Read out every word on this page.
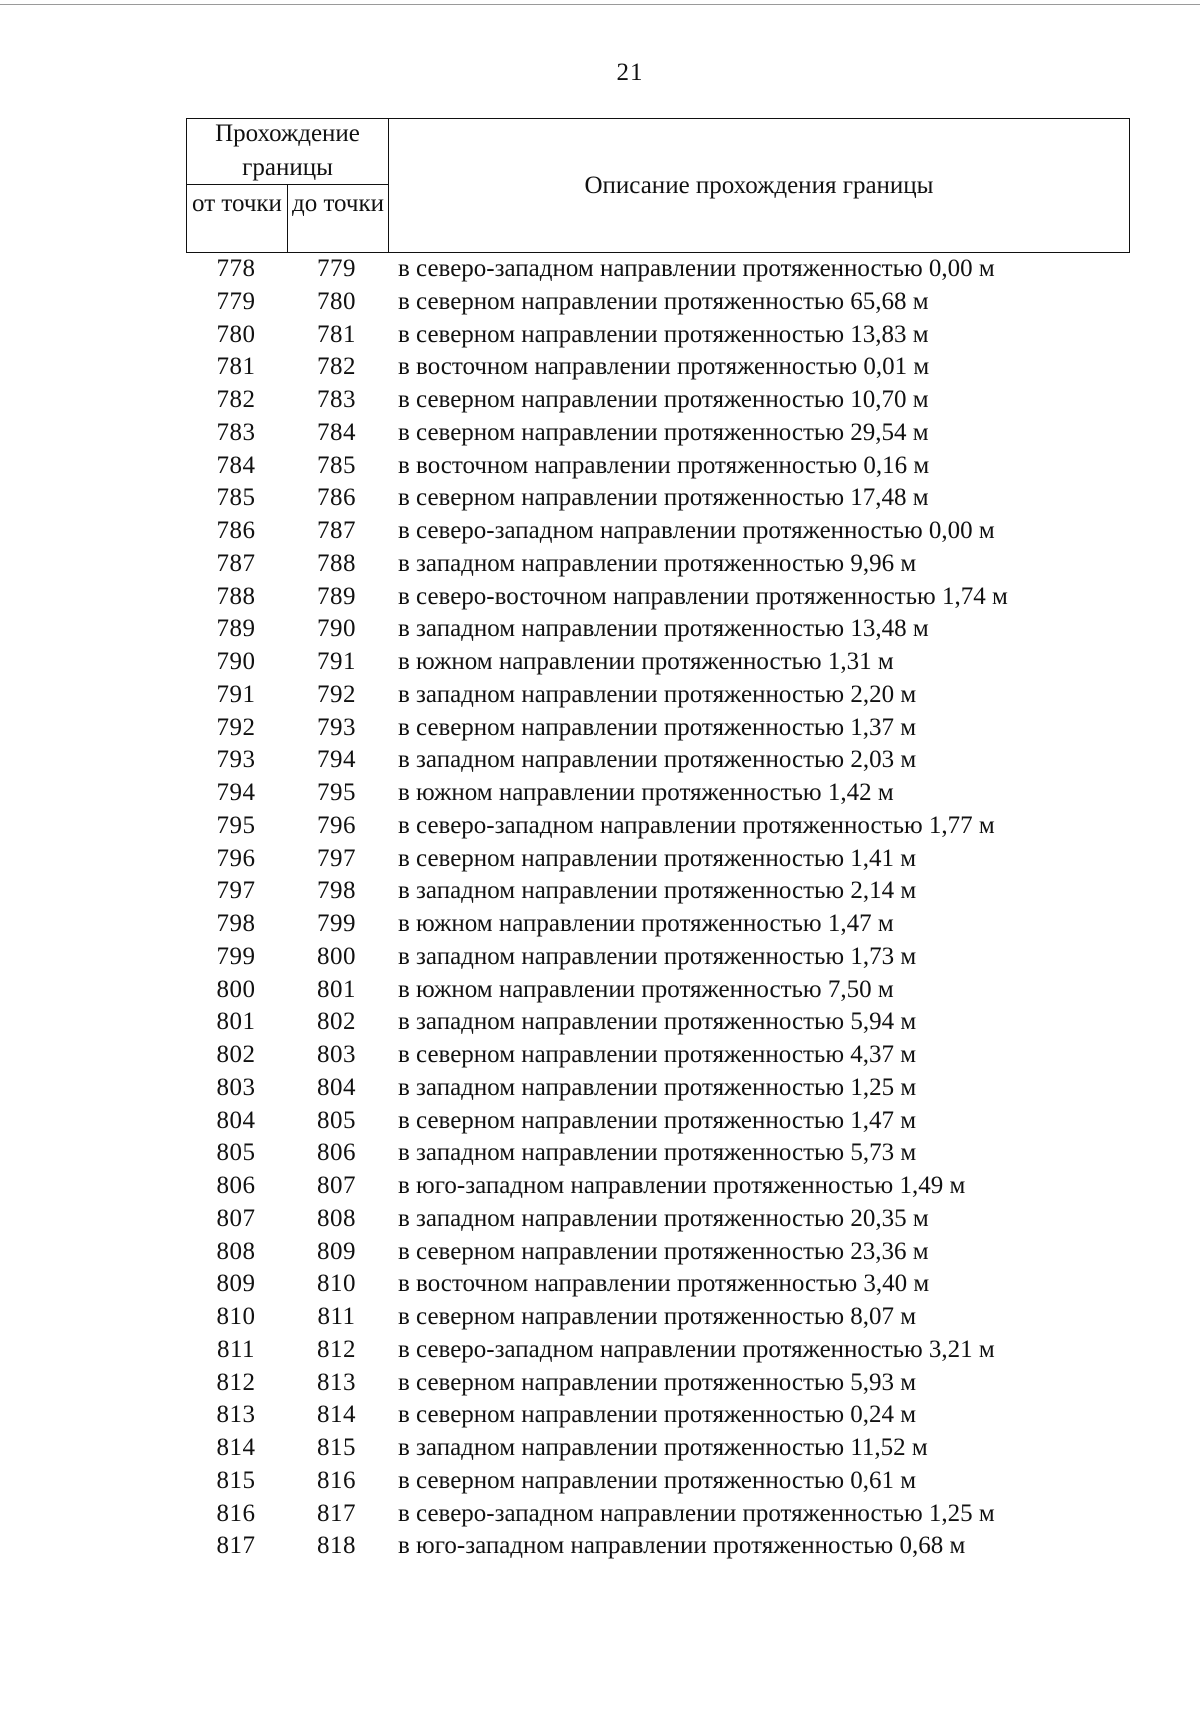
21
Прохождение границы
от точки до точки
Описание прохождения границы
778	779	в северо-западном направлении протяженностью 0,00 м
779	780	в северном направлении протяженностью 65,68 м
780	781	в северном направлении протяженностью 13,83 м
781	782	в восточном направлении протяженностью 0,01 м
782	783	в северном направлении протяженностью 10,70 м
783	784	в северном направлении протяженностью 29,54 м
784	785	в восточном направлении протяженностью 0,16 м
785	786	в северном направлении протяженностью 17,48 м
786	787	в северо-западном направлении протяженностью 0,00 м
787	788	в западном направлении протяженностью 9,96 м
788	789	в северо-восточном направлении протяженностью 1,74 м
789	790	в западном направлении протяженностью 13,48 м
790	791	в южном направлении протяженностью 1,31 м
791	792	в западном направлении протяженностью 2,20 м
792	793	в северном направлении протяженностью 1,37 м
793	794	в западном направлении протяженностью 2,03 м
794	795	в южном направлении протяженностью 1,42 м
795	796	в северо-западном направлении протяженностью 1,77 м
796	797	в северном направлении протяженностью 1,41 м
797	798	в западном направлении протяженностью 2,14 м
798	799	в южном направлении протяженностью 1,47 м
799	800	в западном направлении протяженностью 1,73 м
800	801	в южном направлении протяженностью 7,50 м
801	802	в западном направлении протяженностью 5,94 м
802	803	в северном направлении протяженностью 4,37 м
803	804	в западном направлении протяженностью 1,25 м
804	805	в северном направлении протяженностью 1,47 м
805	806	в западном направлении протяженностью 5,73 м
806	807	в юго-западном направлении протяженностью 1,49 м
807	808	в западном направлении протяженностью 20,35 м
808	809	в северном направлении протяженностью 23,36 м
809	810	в восточном направлении протяженностью 3,40 м
810	811	в северном направлении протяженностью 8,07 м
811	812	в северо-западном направлении протяженностью 3,21 м
812	813	в северном направлении протяженностью 5,93 м
813	814	в северном направлении протяженностью 0,24 м
814	815	в западном направлении протяженностью 11,52 м
815	816	в северном направлении протяженностью 0,61 м
816	817	в северо-западном направлении протяженностью 1,25 м
817	818	в юго-западном направлении протяженностью 0,68 м
